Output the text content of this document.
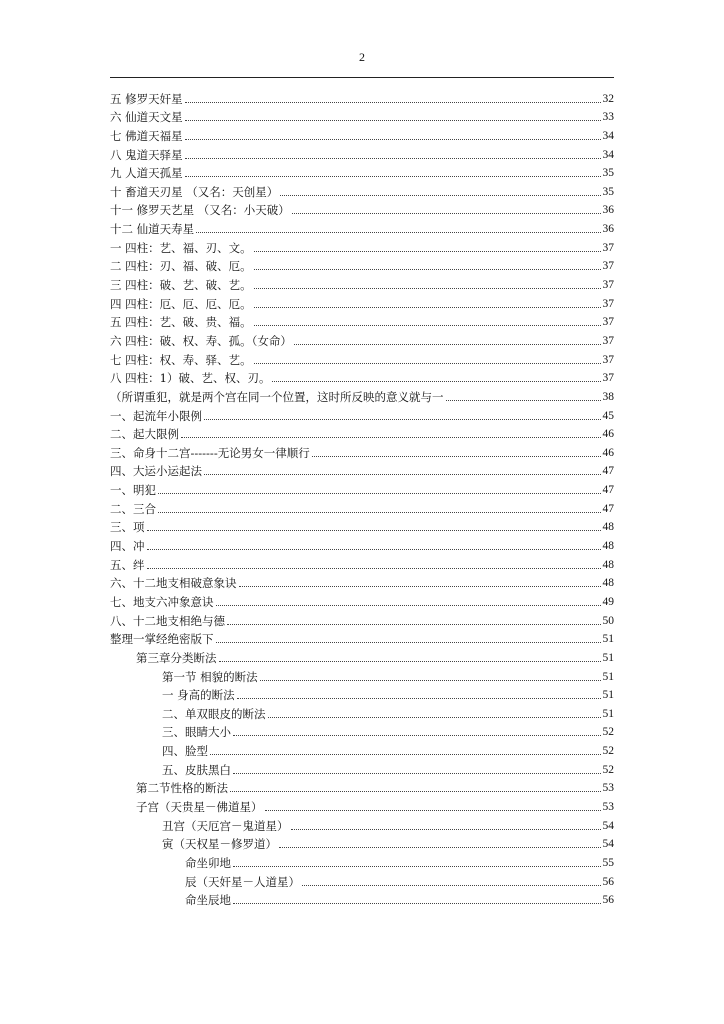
2
五 修罗天奸星	32
六 仙道天文星	33
七 佛道天福星	34
八 鬼道天驿星	34
九 人道天孤星	35
十 畜道天刃星 （又名：天创星）	35
十一 修罗天艺星 （又名：小天破）	36
十二 仙道天寿星	36
一 四柱：艺、福、刃、文。	37
二 四柱：刃、福、破、厄。	37
三 四柱：破、艺、破、艺。	37
四 四柱：厄、厄、厄、厄。	37
五 四柱：艺、破、贵、福。	37
六 四柱：破、权、寿、孤。（女命）	37
七 四柱：权、寿、驿、艺。	37
八 四柱：1）破、艺、权、刃。	37
（所谓重犯，就是两个宫在同一个位置，这时所反映的意义就与一	38
一、起流年小限例	45
二、起大限例	46
三、命身十二宫-------无论男女一律顺行	46
四、大运小运起法	47
一、明犯	47
二、三合	47
三、项	48
四、冲	48
五、绊	48
六、十二地支相破意象诀	48
七、地支六冲象意诀	49
八、十二地支相绝与德	50
整理一掌经绝密版下	51
第三章分类断法	51
第一节 相貌的断法	51
一 身高的断法	51
二、单双眼皮的断法	51
三、眼睛大小	52
四、脸型	52
五、皮肤黑白	52
第二节性格的断法	53
子宫（天贵星－佛道星）	53
丑宫（天厄宫－鬼道星）	54
寅（天权星－修罗道）	54
命坐卯地	55
辰（天奸星－人道星）	56
命坐辰地	56
